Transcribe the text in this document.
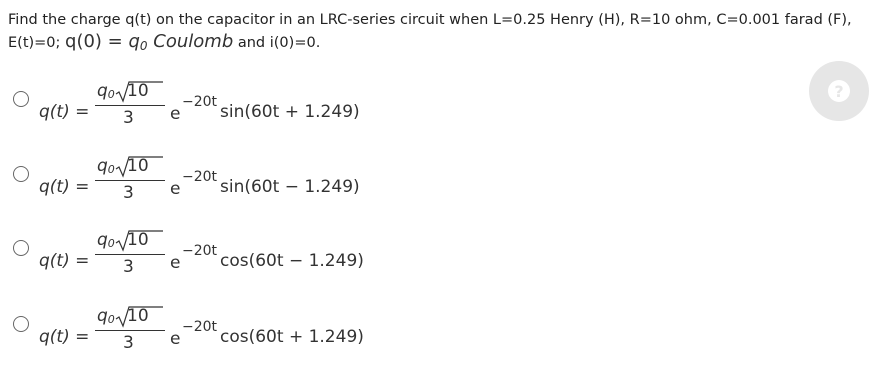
Find the charge q(t) on the capacitor in an LRC-series circuit when L=0.25 Henry (H), R=10 ohm, C=0.001 farad (F),
E(t)=0; $q(0) = q_0$ Coulomb and i(0)=0.
?
q(t) =
q0 10
3 e
−20t sin(60t + 1.249)
q(t) =
q0 10
3 e
−20t sin(60t − 1.249)
q(t) =
q0 10
3 e
−20t cos(60t − 1.249)
q(t) =
q0 10
3 e
−20t cos(60t + 1.249)
